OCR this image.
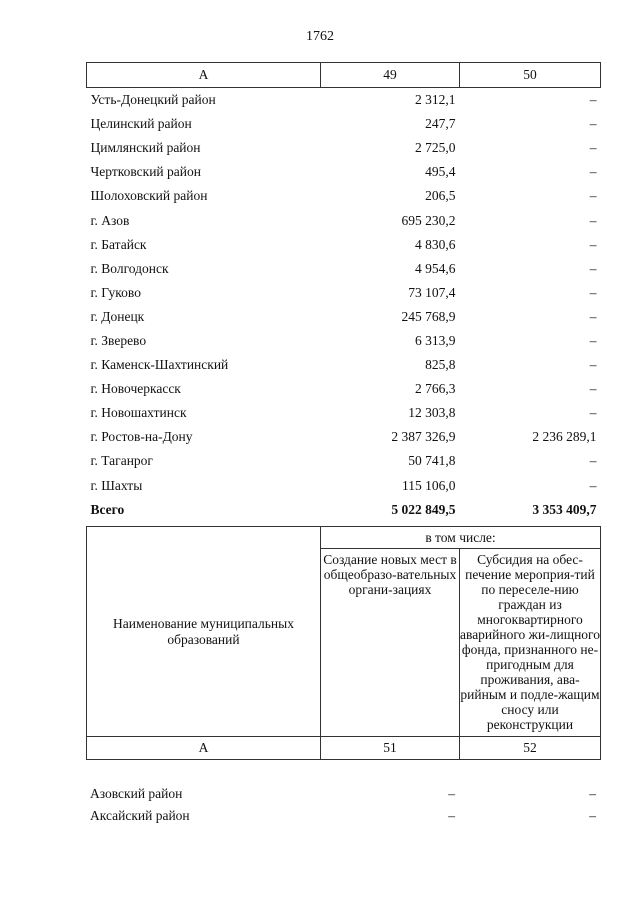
1762
А	49	50
Усть-Донецкий район	2 312,1	–
Целинский район	247,7	–
Цимлянский район	2 725,0	–
Чертковский район	495,4	–
Шолоховский район	206,5	–
г. Азов	695 230,2	–
г. Батайск	4 830,6	–
г. Волгодонск	4 954,6	–
г. Гуково	73 107,4	–
г. Донецк	245 768,9	–
г. Зверево	6 313,9	–
г. Каменск-Шахтинский	825,8	–
г. Новочеркасск	2 766,3	–
г. Новошахтинск	12 303,8	–
г. Ростов-на-Дону	2 387 326,9	2 236 289,1
г. Таганрог	50 741,8	–
г. Шахты	115 106,0	–
Всего	5 022 849,5	3 353 409,7
Наименование муниципальных образований	в том числе:	
	Создание новых мест в общеобразо-вательных органи-зациях	Субсидия на обес-печение мероприя-тий по переселе-нию граждан из многоквартирного аварийного жи-лищного фонда, признанного не-пригодным для проживания, ава-рийным и подле-жащим сносу или реконструкции
А	51	52
Азовский район	–	–
Аксайский район	–	–
